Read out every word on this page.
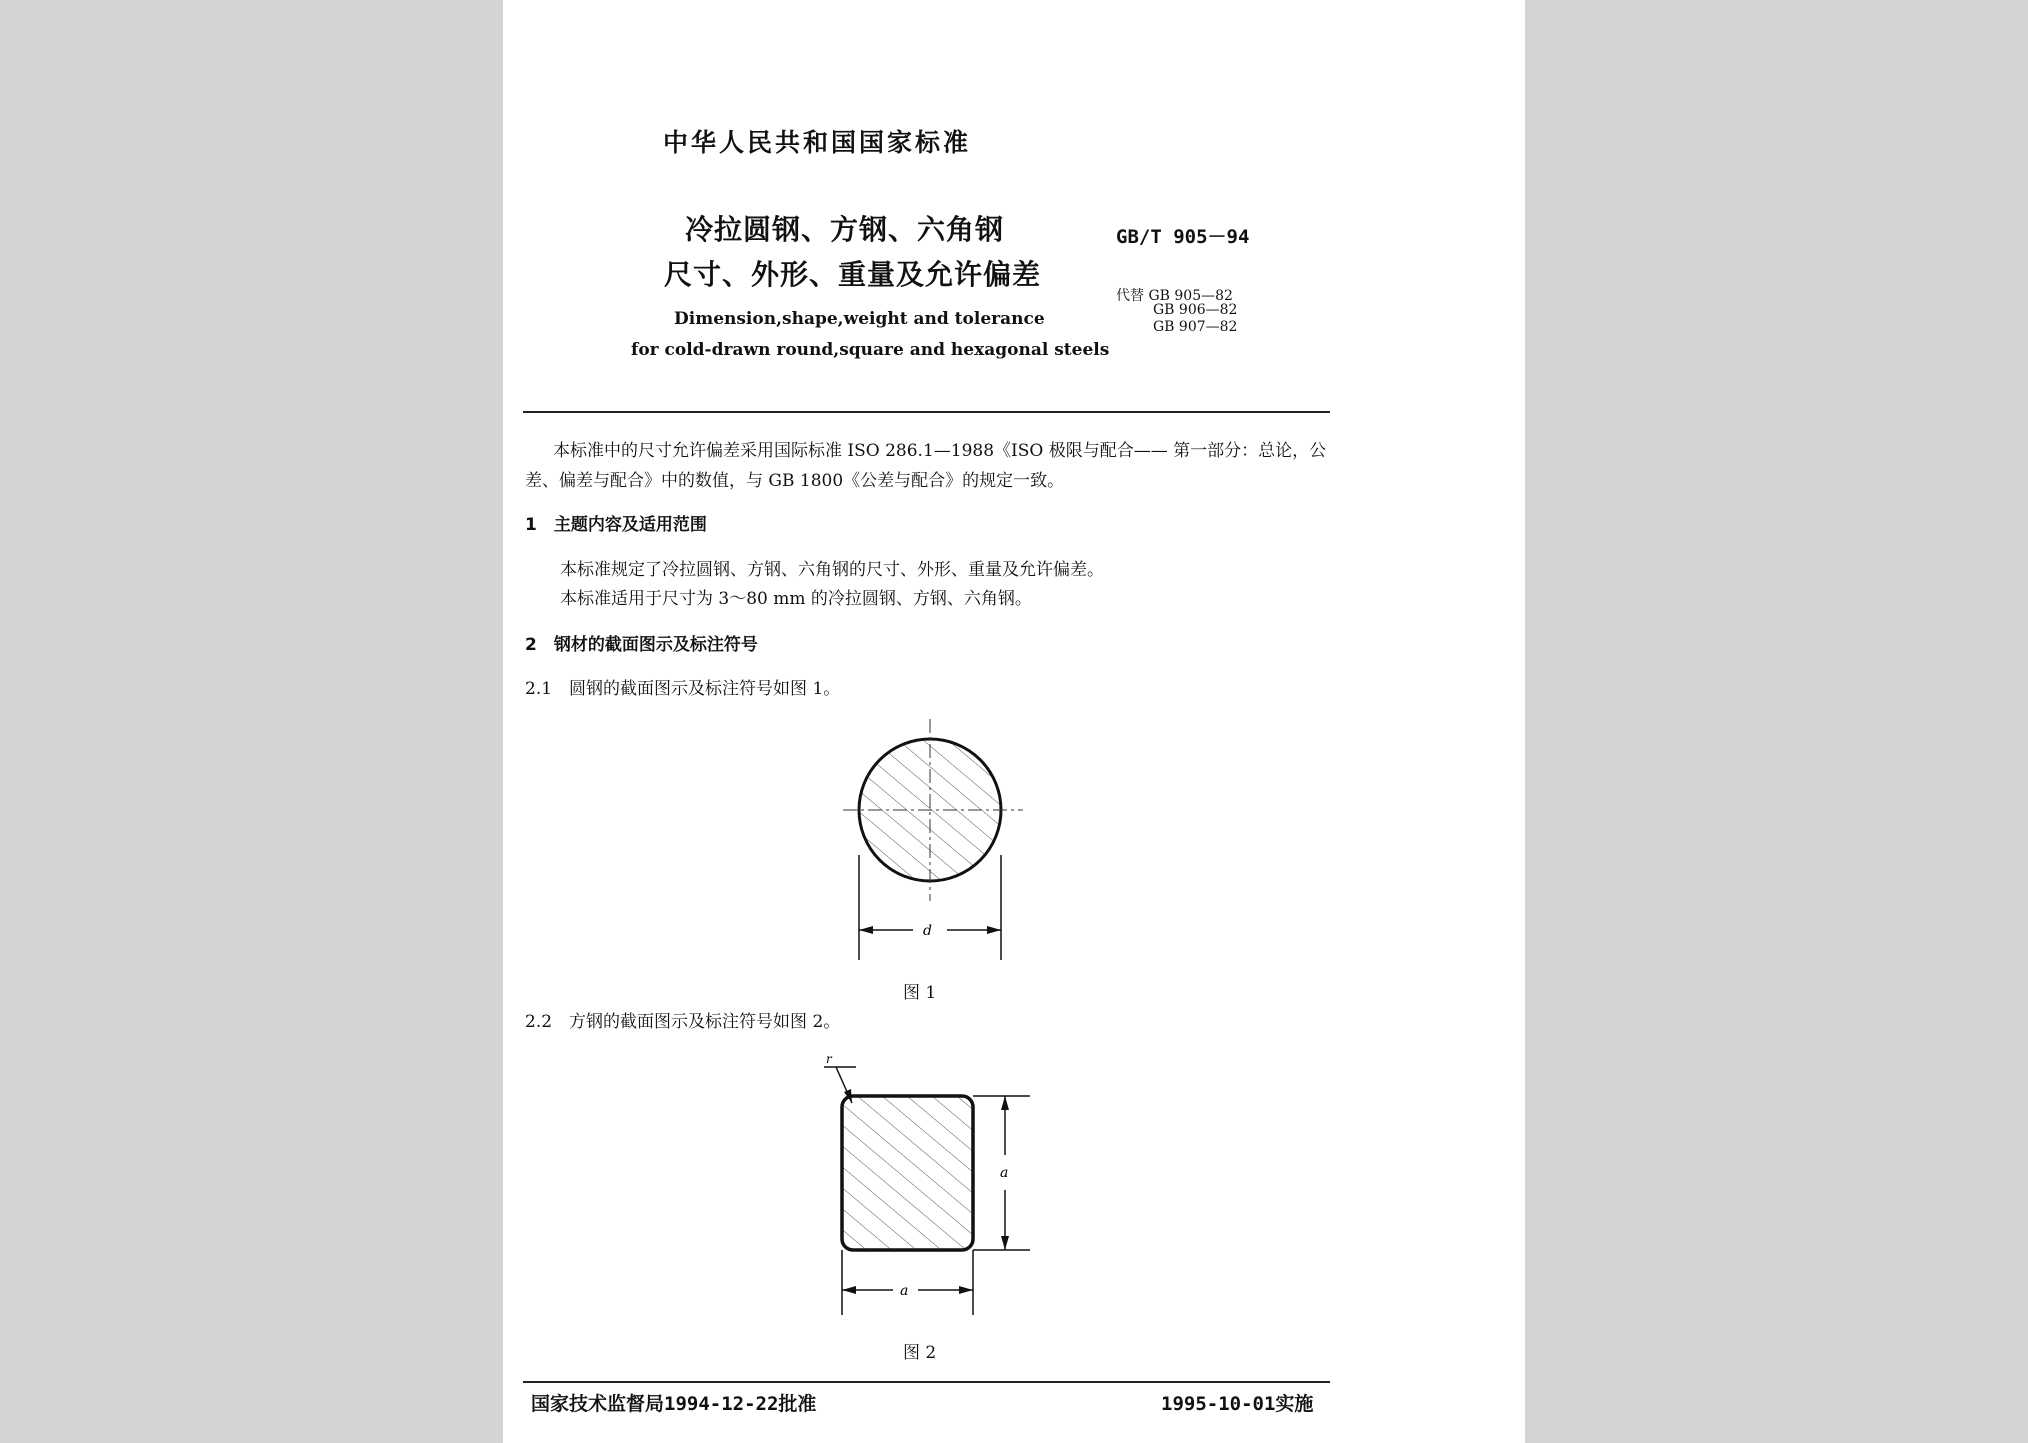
中华人民共和国国家标准
冷拉圆钢、方钢、六角钢
尺寸、外形、重量及允许偏差
GB/T 905－94
代替 GB 905—82
GB 906—82
GB 907—82
Dimension,shape,weight and tolerance
for cold-drawn round,square and hexagonal steels
本标准中的尺寸允许偏差采用国际标准 ISO 286.1—1988《ISO 极限与配合—— 第一部分：总论，公
差、偏差与配合》中的数值，与 GB 1800《公差与配合》的规定一致。
1　主题内容及适用范围
本标准规定了冷拉圆钢、方钢、六角钢的尺寸、外形、重量及允许偏差。
本标准适用于尺寸为 3～80 mm 的冷拉圆钢、方钢、六角钢。
2　钢材的截面图示及标注符号
2.1　圆钢的截面图示及标注符号如图 1。
d
图 1
2.2　方钢的截面图示及标注符号如图 2。
a
a
r
图 2
国家技术监督局1994-12-22批准	1995-10-01实施
